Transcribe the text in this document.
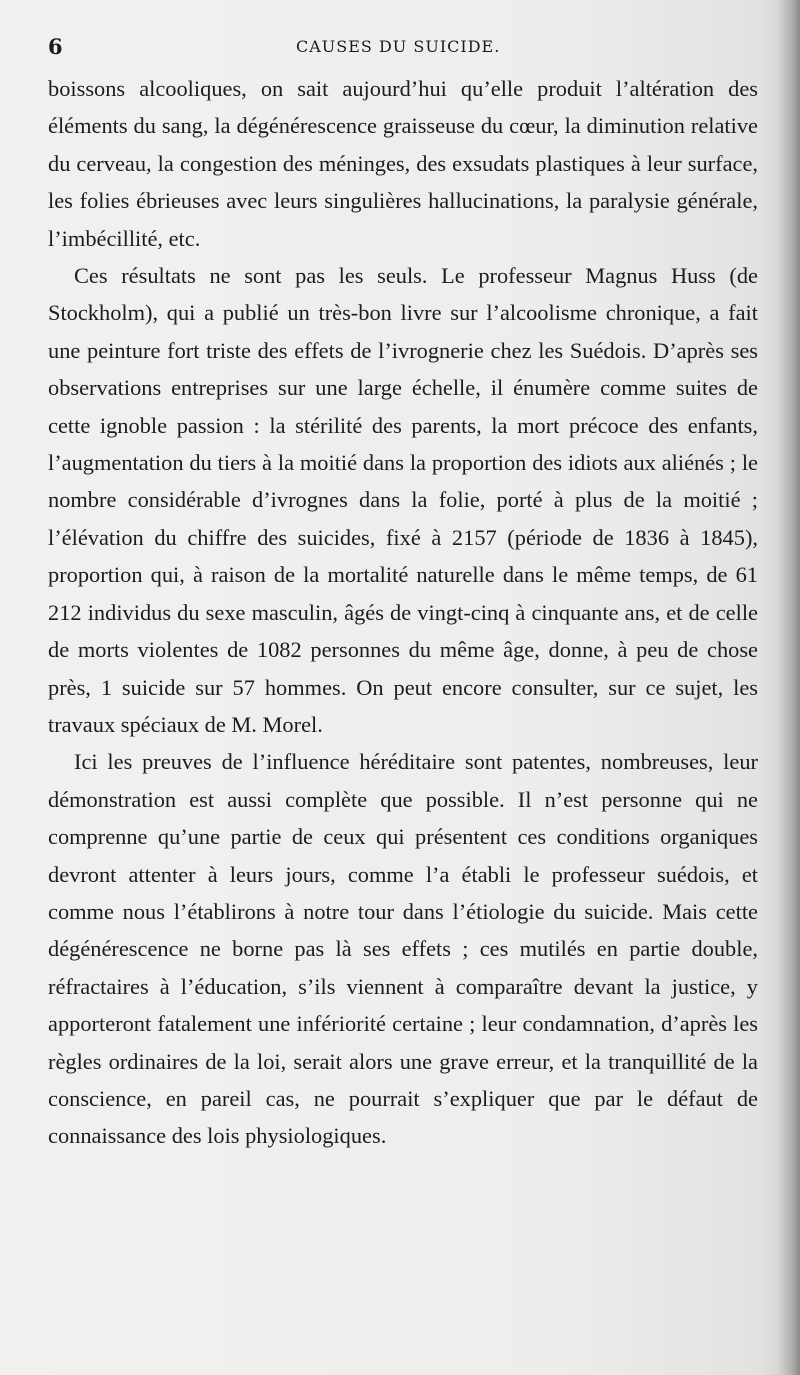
6	CAUSES DU SUICIDE.

boissons alcooliques, on sait aujourd’hui qu’elle produit l’altération des éléments du sang, la dégénérescence graisseuse du cœur, la diminution relative du cerveau, la congestion des méninges, des exsudats plastiques à leur surface, les folies ébrieuses avec leurs singulières hallucinations, la paralysie générale, l’imbécillité, etc.

Ces résultats ne sont pas les seuls. Le professeur Magnus Huss (de Stockholm), qui a publié un très-bon livre sur l’alcoolisme chronique, a fait une peinture fort triste des effets de l’ivrognerie chez les Suédois. D’après ses observations entreprises sur une large échelle, il énumère comme suites de cette ignoble passion : la stérilité des parents, la mort précoce des enfants, l’augmentation du tiers à la moitié dans la proportion des idiots aux aliénés ; le nombre considérable d’ivrognes dans la folie, porté à plus de la moitié ; l’élévation du chiffre des suicides, fixé à 2157 (période de 1836 à 1845), proportion qui, à raison de la mortalité naturelle dans le même temps, de 61 212 individus du sexe masculin, âgés de vingt-cinq à cinquante ans, et de celle de morts violentes de 1082 personnes du même âge, donne, à peu de chose près, 1 suicide sur 57 hommes. On peut encore consulter, sur ce sujet, les travaux spéciaux de M. Morel.

Ici les preuves de l’influence héréditaire sont patentes, nombreuses, leur démonstration est aussi complète que possible. Il n’est personne qui ne comprenne qu’une partie de ceux qui présentent ces conditions organiques devront attenter à leurs jours, comme l’a établi le professeur suédois, et comme nous l’établirons à notre tour dans l’étiologie du suicide. Mais cette dégénérescence ne borne pas là ses effets ; ces mutilés en partie double, réfractaires à l’éducation, s’ils viennent à comparaître devant la justice, y apporteront fatalement une infériorité certaine ; leur condamnation, d’après les règles ordinaires de la loi, serait alors une grave erreur, et la tranquillité de la conscience, en pareil cas, ne pourrait s’expliquer que par le défaut de connaissance des lois physiologiques.
